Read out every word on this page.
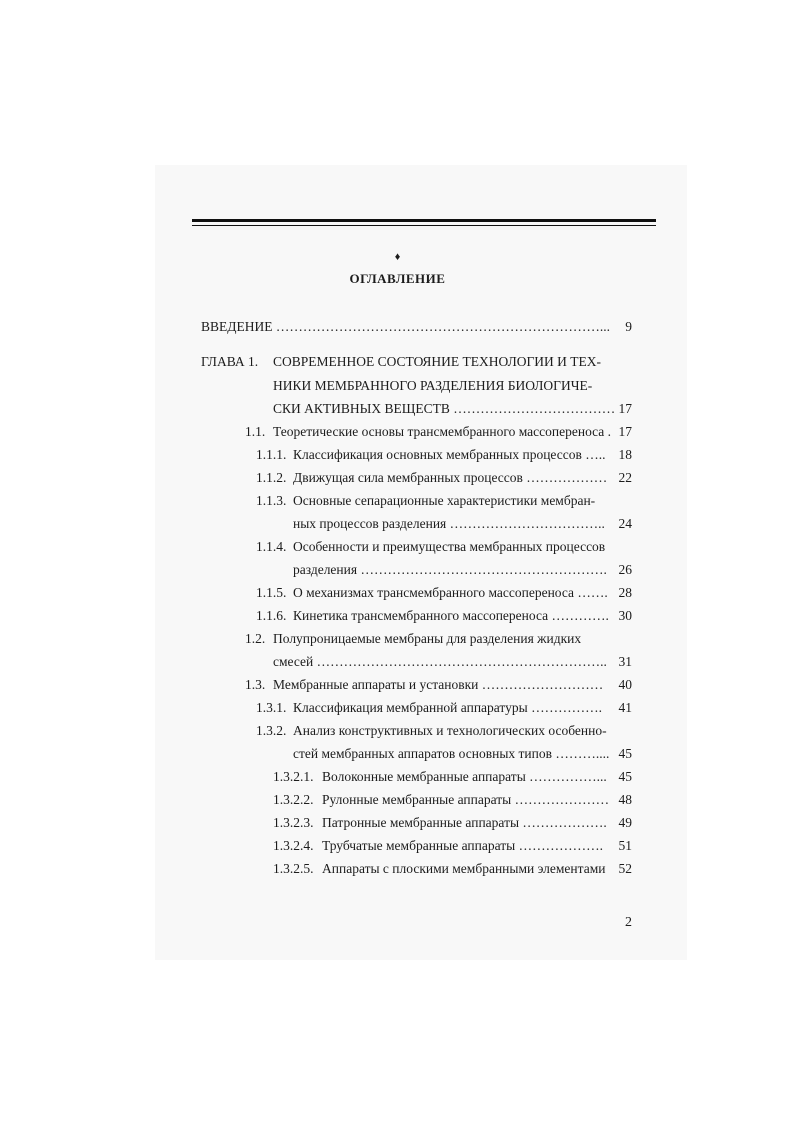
♦
ОГЛАВЛЕНИЕ
ВВЕДЕНИЕ ………………………………………………………………...	9
ГЛАВА 1. СОВРЕМЕННОЕ СОСТОЯНИЕ ТЕХНОЛОГИИ И ТЕХ-
НИКИ МЕМБРАННОГО РАЗДЕЛЕНИЯ БИОЛОГИЧЕ-
СКИ АКТИВНЫХ ВЕЩЕСТВ ……………………………… 17
1.1. Теоретические основы трансмембранного массопереноса . 17
1.1.1. Классификация основных мембранных процессов ….. 18
1.1.2. Движущая сила мембранных процессов ……………… 22
1.1.3. Основные сепарационные характеристики мембран-
ных процессов разделения ……………………………..	24
1.1.4. Особенности и преимущества мембранных процессов
разделения ………………………………………………. 26
1.1.5. О механизмах трансмембранного массопереноса ……. 28
1.1.6. Кинетика трансмембранного массопереноса …………. 30
1.2. Полупроницаемые мембраны для разделения жидких
смесей ……………………………………………………….. 31
1.3. Мембранные аппараты и установки ………………………	40
1.3.1. Классификация мембранной аппаратуры …………….	41
1.3.2. Анализ конструктивных и технологических особенно-
стей мембранных аппаратов основных типов ……….... 45
1.3.2.1. Волоконные мембранные аппараты ……………... 45
1.3.2.2. Рулонные мембранные аппараты ………………… 48
1.3.2.3. Патронные мембранные аппараты ………………. 49
1.3.2.4. Трубчатые мембранные аппараты ……………….	51
1.3.2.5. Аппараты с плоскими мембранными элементами 52
2
